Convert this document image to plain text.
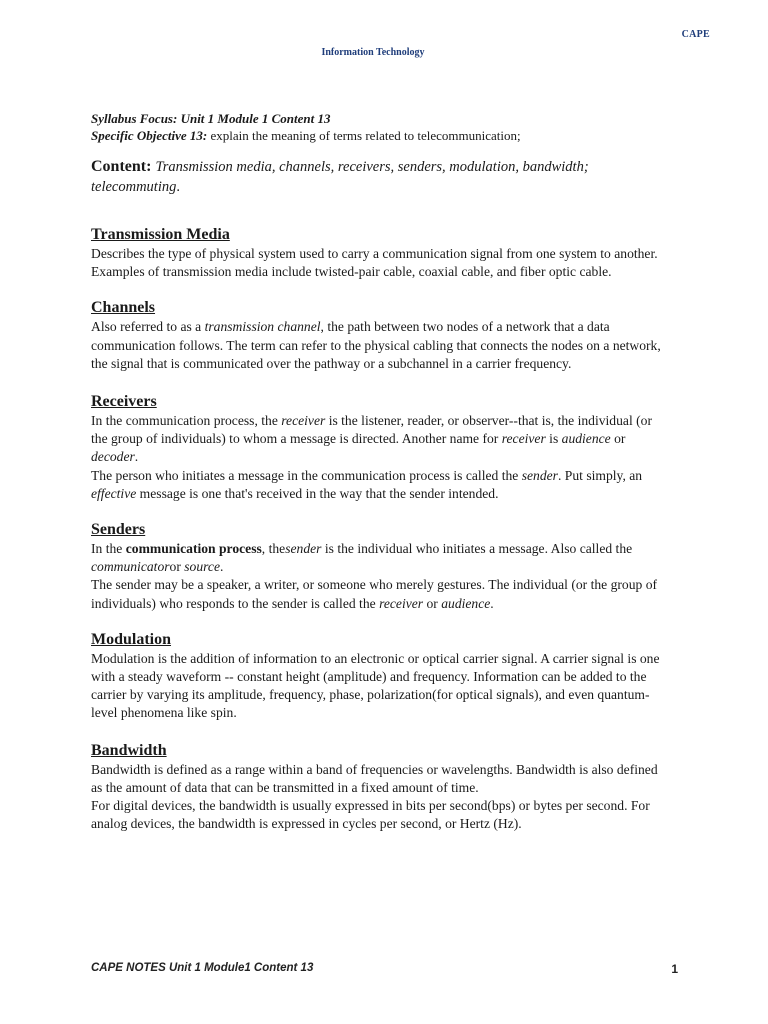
CAPE
Information Technology
Syllabus Focus: Unit 1 Module 1 Content 13
Specific Objective 13: explain the meaning of terms related to telecommunication;
Content: Transmission media, channels, receivers, senders, modulation, bandwidth; telecommuting.
Transmission Media

Describes the type of physical system used to carry a communication signal from one system to another. Examples of transmission media include twisted-pair cable, coaxial cable, and fiber optic cable.

Channels

Also referred to as a transmission channel, the path between two nodes of a network that a data communication follows. The term can refer to the physical cabling that connects the nodes on a network, the signal that is communicated over the pathway or a subchannel in a carrier frequency.

Receivers

In the communication process, the receiver is the listener, reader, or observer--that is, the individual (or the group of individuals) to whom a message is directed. Another name for receiver is audience or decoder.

The person who initiates a message in the communication process is called the sender. Put simply, an effective message is one that's received in the way that the sender intended.

Senders

In the communication process, thesender is the individual who initiates a message. Also called the communicatoror source.

The sender may be a speaker, a writer, or someone who merely gestures. The individual (or the group of individuals) who responds to the sender is called the receiver or audience.

Modulation

Modulation is the addition of information to an electronic or optical carrier signal. A carrier signal is one with a steady waveform -- constant height (amplitude) and frequency. Information can be added to the carrier by varying its amplitude, frequency, phase, polarization(for optical signals), and even quantum-level phenomena like spin.

Bandwidth

Bandwidth is defined as a range within a band of frequencies or wavelengths. Bandwidth is also defined as the amount of data that can be transmitted in a fixed amount of time.

For digital devices, the bandwidth is usually expressed in bits per second(bps) or bytes per second. For analog devices, the bandwidth is expressed in cycles per second, or Hertz (Hz).

CAPE NOTES Unit 1 Module1 Content 13	1
